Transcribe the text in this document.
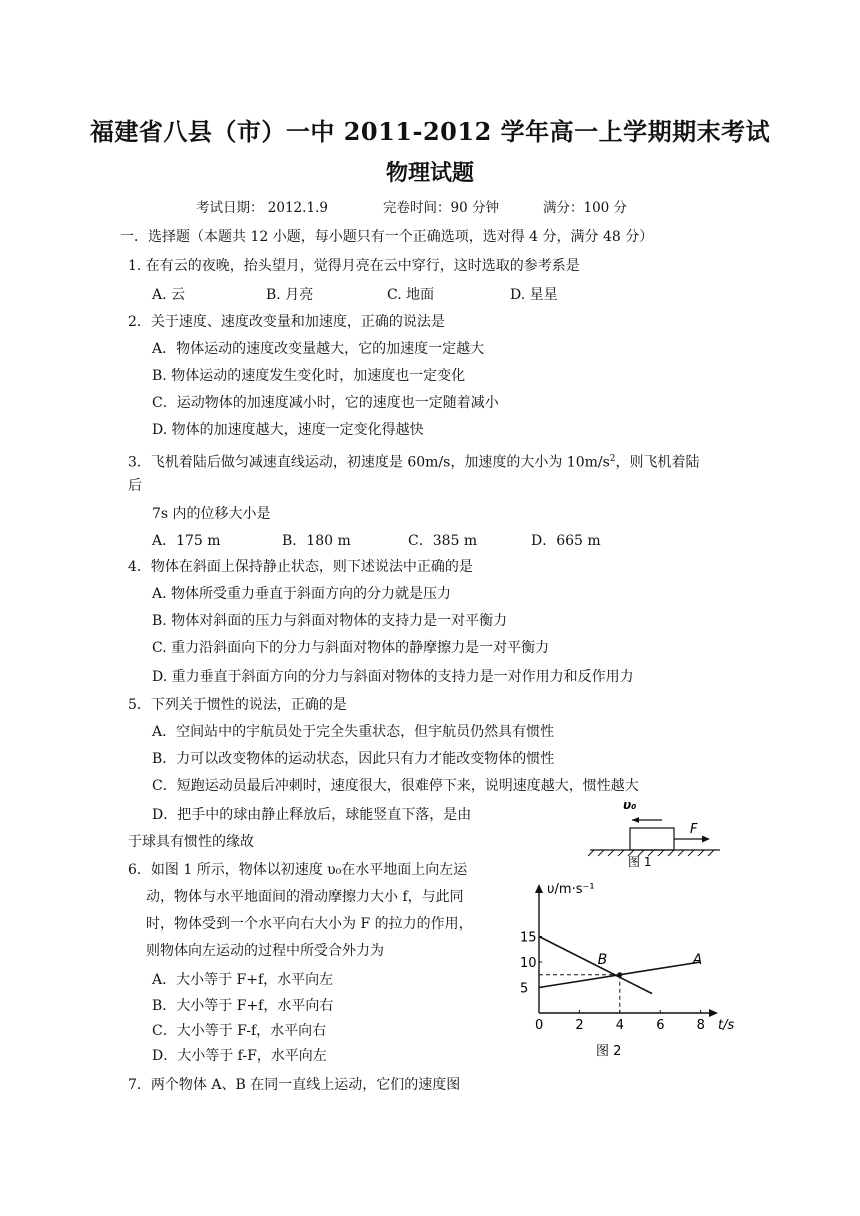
福建省八县（市）一中 2011-2012 学年高一上学期期末考试
物理试题
考试日期： 2012.1.9	完卷时间：90 分钟	满分：100 分
一．选择题（本题共 12 小题，每小题只有一个正确选项，选对得 4 分，满分 48 分）
1. 在有云的夜晚，抬头望月，觉得月亮在云中穿行，这时选取的参考系是
A. 云	B. 月亮	C. 地面	D. 星星
2．关于速度、速度改变量和加速度，正确的说法是
A．物体运动的速度改变量越大，它的加速度一定越大
B. 物体运动的速度发生变化时，加速度也一定变化
C．运动物体的加速度减小时，它的速度也一定随着减小
D. 物体的加速度越大，速度一定变化得越快
3．飞机着陆后做匀减速直线运动，初速度是 60m/s，加速度的大小为 $10m/s^2$，则飞机着陆
后
7s 内的位移大小是
A．175 m	B．180 m	C．385 m	D．665 m
4．物体在斜面上保持静止状态，则下述说法中正确的是
A. 物体所受重力垂直于斜面方向的分力就是压力
B. 物体对斜面的压力与斜面对物体的支持力是一对平衡力
C. 重力沿斜面向下的分力与斜面对物体的静摩擦力是一对平衡力
D. 重力垂直于斜面方向的分力与斜面对物体的支持力是一对作用力和反作用力
5．下列关于惯性的说法，正确的是
A．空间站中的宇航员处于完全失重状态，但宇航员仍然具有惯性
B．力可以改变物体的运动状态，因此只有力才能改变物体的惯性
C．短跑运动员最后冲刺时，速度很大，很难停下来，说明速度越大，惯性越大
D．把手中的球由静止释放后，球能竖直下落，是由
于球具有惯性的缘故
6．如图 1 所示，物体以初速度 υ₀在水平地面上向左运
动，物体与水平地面间的滑动摩擦力大小 f，与此同
时，物体受到一个水平向右大小为 F 的拉力的作用，
则物体向左运动的过程中所受合外力为
A．大小等于 F+f，水平向左
B．大小等于 F+f，水平向右
C．大小等于 F-f，水平向右
D．大小等于 f-F，水平向左
7．两个物体 A、B 在同一直线上运动，它们的速度图
υ₀
F
图 1
υ/m·s⁻¹
t/s
0 2 4 6 8
5
10
15
A
B
图 2
